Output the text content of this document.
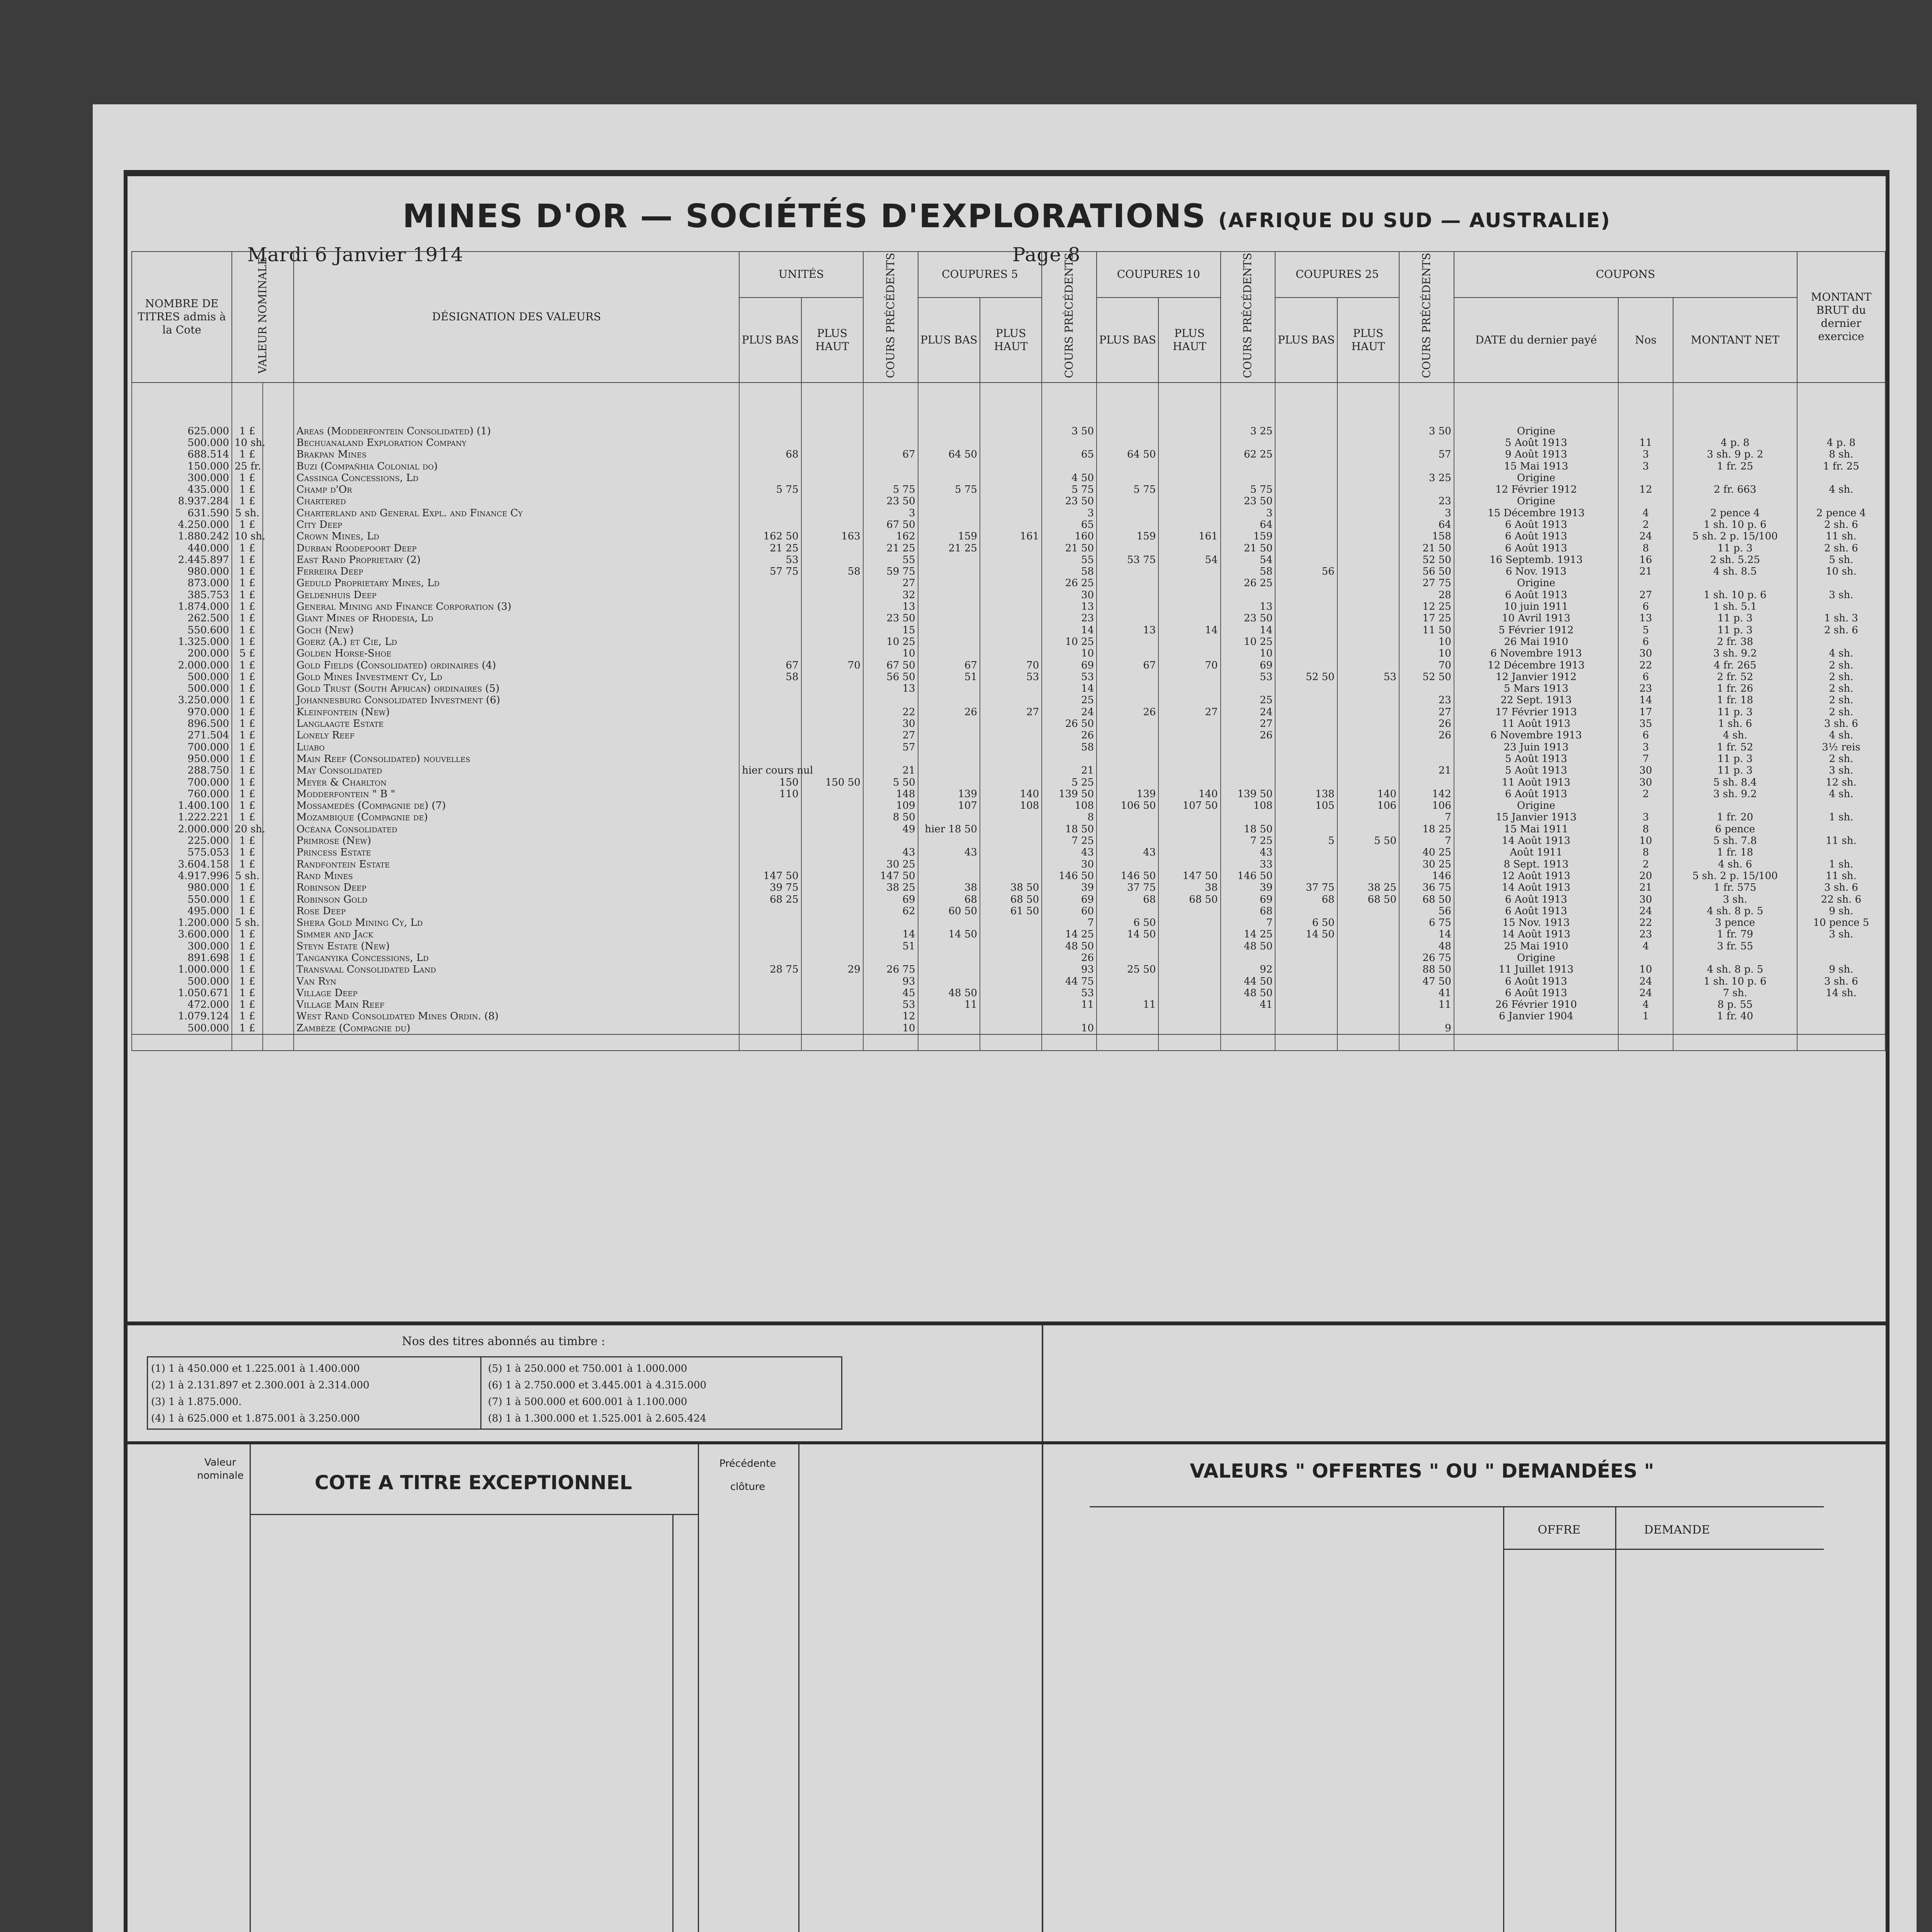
Mardi 6 Janvier 1914	Page 8
MINES D'OR — SOCIÉTÉS D'EXPLORATIONS (AFRIQUE DU SUD — AUSTRALIE)
NOMBRE DE TITRES admis à la Cote	VALEUR NOMINALE		DÉSIGNATION DES VALEURS	UNITÉS		COURS PRÉCÉDENTS	COUPURES 5		COURS PRÉCÉDENTS	COUPURES 10		COURS PRÉCÉDENTS	COUPURES 25		COURS PRÉCÉDENTS	COUPONS			MONTANT BRUT du dernier exercice
				PLUS BAS	PLUS HAUT		PLUS BAS	PLUS HAUT		PLUS BAS	PLUS HAUT		PLUS BAS	PLUS HAUT		DATE du dernier payé	Nos	MONTANT NET	

625.000	1 £		Areas (Modderfontein Consolidated) (1)						3 50			3 25			3 50	Origine			
500.000	10 sh.		Bechuanaland Exploration Company													5 Août 1913	11	4 p. 8	4 p. 8
688.514	1 £		Brakpan Mines	68		67	64 50		65	64 50		62 25			57	9 Août 1913	3	3 sh. 9 p. 2	8 sh.
150.000	25 fr.		Buzi (Compañhia Colonial do)													15 Mai 1913	3	1 fr. 25	1 fr. 25
300.000	1 £		Cassinga Concessions, Ld						4 50						3 25	Origine			
435.000	1 £		Champ d'Or	5 75		5 75	5 75		5 75	5 75		5 75				12 Février 1912	12	2 fr. 663	4 sh.
8.937.284	1 £		Chartered			23 50			23 50			23 50			23	Origine			
631.590	5 sh.		Charterland and General Expl. and Finance Cy			3			3			3			3	15 Décembre 1913	4	2 pence 4	2 pence 4
4.250.000	1 £		City Deep			67 50			65			64			64	6 Août 1913	2	1 sh. 10 p. 6	2 sh. 6
1.880.242	10 sh.		Crown Mines, Ld	162 50	163	162	159	161	160	159	161	159			158	6 Août 1913	24	5 sh. 2 p. 15/100	11 sh.
440.000	1 £		Durban Roodepoort Deep	21 25		21 25	21 25		21 50			21 50			21 50	6 Août 1913	8	11 p. 3	2 sh. 6
2.445.897	1 £		East Rand Proprietary (2)	53		55			55	53 75	54	54			52 50	16 Septemb. 1913	16	2 sh. 5.25	5 sh.
980.000	1 £		Ferreira Deep	57 75	58	59 75			58			58	56		56 50	6 Nov. 1913	21	4 sh. 8.5	10 sh.
873.000	1 £		Geduld Proprietary Mines, Ld			27			26 25			26 25			27 75	Origine			
385.753	1 £		Geldenhuis Deep			32			30						28	6 Août 1913	27	1 sh. 10 p. 6	3 sh.
1.874.000	1 £		General Mining and Finance Corporation (3)			13			13			13			12 25	10 juin 1911	6	1 sh. 5.1	
262.500	1 £		Giant Mines of Rhodesia, Ld			23 50			23			23 50			17 25	10 Avril 1913	13	11 p. 3	1 sh. 3
550.600	1 £		Goch (New)			15			14	13	14	14			11 50	5 Février 1912	5	11 p. 3	2 sh. 6
1.325.000	1 £		Goerz (A.) et Cie, Ld			10 25			10 25			10 25			10	26 Mai 1910	6	2 fr. 38	
200.000	5 £		Golden Horse-Shoe			10			10			10			10	6 Novembre 1913	30	3 sh. 9.2	4 sh.
2.000.000	1 £		Gold Fields (Consolidated) ordinaires (4)	67	70	67 50	67	70	69	67	70	69			70	12 Décembre 1913	22	4 fr. 265	2 sh.
500.000	1 £		Gold Mines Investment Cy, Ld	58		56 50	51	53	53			53	52 50	53	52 50	12 Janvier 1912	6	2 fr. 52	2 sh.
500.000	1 £		Gold Trust (South African) ordinaires (5)			13			14							5 Mars 1913	23	1 fr. 26	2 sh.
3.250.000	1 £		Johannesburg Consolidated Investment (6)						25			25			23	22 Sept. 1913	14	1 fr. 18	2 sh.
970.000	1 £		Kleinfontein (New)			22	26	27	24	26	27	24			27	17 Février 1913	17	11 p. 3	2 sh.
896.500	1 £		Langlaagte Estate			30			26 50			27			26	11 Août 1913	35	1 sh. 6	3 sh. 6
271.504	1 £		Lonely Reef			27			26			26			26	6 Novembre 1913	6	4 sh.	4 sh.
700.000	1 £		Luabo			57			58							23 Juin 1913	3	1 fr. 52	3½ reis
950.000	1 £		Main Reef (Consolidated) nouvelles													5 Août 1913	7	11 p. 3	2 sh.
288.750	1 £		May Consolidated	hier cours nul		21			21						21	5 Août 1913	30	11 p. 3	3 sh.
700.000	1 £		Meyer & Charlton	150	150 50	5 50			5 25							11 Août 1913	30	5 sh. 8.4	12 sh.
760.000	1 £		Modderfontein " B "	110		148	139	140	139 50	139	140	139 50	138	140	142	6 Août 1913	2	3 sh. 9.2	4 sh.
1.400.100	1 £		Mossamedès (Compagnie de) (7)			109	107	108	108	106 50	107 50	108	105	106	106	Origine			
1.222.221	1 £		Mozambique (Compagnie de)			8 50			8						7	15 Janvier 1913	3	1 fr. 20	1 sh.
2.000.000	20 sh.		Océana Consolidated			49	hier 18 50		18 50			18 50			18 25	15 Mai 1911	8	6 pence	
225.000	1 £		Primrose (New)						7 25			7 25	5	5 50	7	14 Août 1913	10	5 sh. 7.8	11 sh.
575.053	1 £		Princess Estate			43	43		43	43		43			40 25	Août 1911	8	1 fr. 18	
3.604.158	1 £		Randfontein Estate			30 25			30			33			30 25	8 Sept. 1913	2	4 sh. 6	1 sh.
4.917.996	5 sh.		Rand Mines	147 50		147 50			146 50	146 50	147 50	146 50			146	12 Août 1913	20	5 sh. 2 p. 15/100	11 sh.
980.000	1 £		Robinson Deep	39 75		38 25	38	38 50	39	37 75	38	39	37 75	38 25	36 75	14 Août 1913	21	1 fr. 575	3 sh. 6
550.000	1 £		Robinson Gold	68 25		69	68	68 50	69	68	68 50	69	68	68 50	68 50	6 Août 1913	30	3 sh.	22 sh. 6
495.000	1 £		Rose Deep			62	60 50	61 50	60			68			56	6 Août 1913	24	4 sh. 8 p. 5	9 sh.
1.200.000	5 sh.		Shera Gold Mining Cy, Ld						7	6 50		7	6 50		6 75	15 Nov. 1913	22	3 pence	10 pence 5
3.600.000	1 £		Simmer and Jack			14	14 50		14 25	14 50		14 25	14 50		14	14 Août 1913	23	1 fr. 79	3 sh.
300.000	1 £		Steyn Estate (New)			51			48 50			48 50			48	25 Mai 1910	4	3 fr. 55	
891.698	1 £		Tanganyika Concessions, Ld						26						26 75	Origine			
1.000.000	1 £		Transvaal Consolidated Land	28 75	29	26 75			93	25 50		92			88 50	11 Juillet 1913	10	4 sh. 8 p. 5	9 sh.
500.000	1 £		Van Ryn			93			44 75			44 50			47 50	6 Août 1913	24	1 sh. 10 p. 6	3 sh. 6
1.050.671	1 £		Village Deep			45	48 50		53			48 50			41	6 Août 1913	24	7 sh.	14 sh.
472.000	1 £		Village Main Reef			53	11		11	11		41			11	26 Février 1910	4	8 p. 55	
1.079.124	1 £		West Rand Consolidated Mines Ordin. (8)			12										6 Janvier 1904	1	1 fr. 40	
500.000	1 £		Zambèze (Compagnie du)			10			10						9				

Nos des titres abonnés au timbre :
(1) 1 à 450.000 et 1.225.001 à 1.400.000
(2) 1 à 2.131.897 et 2.300.001 à 2.314.000
(3) 1 à 1.875.000.
(4) 1 à 625.000 et 1.875.001 à 3.250.000
(5) 1 à 250.000 et 750.001 à 1.000.000
(6) 1 à 2.750.000 et 3.445.001 à 4.315.000
(7) 1 à 500.000 et 600.001 à 1.100.000
(8) 1 à 1.300.000 et 1.525.001 à 2.605.424
Valeur nominale	COTE A TITRE EXCEPTIONNEL
Précédente clôture
VALEURS " OFFERTES " OU " DEMANDÉES "
OFFRE	DEMANDE
